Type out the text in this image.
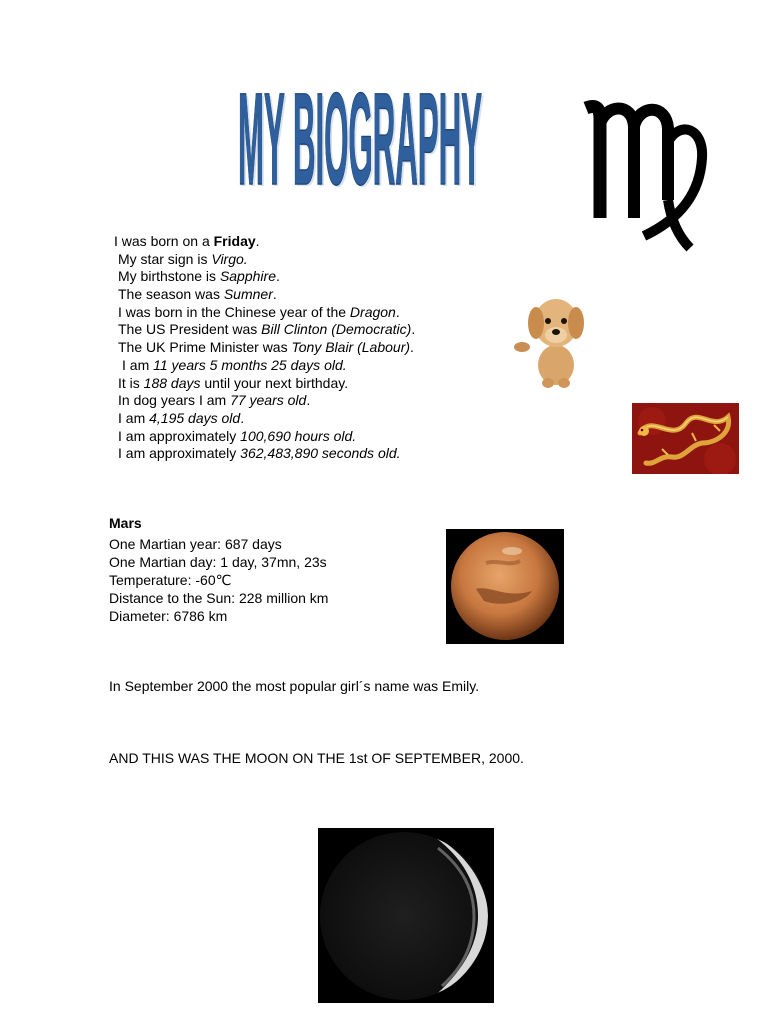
MY BIOGRAPHY
MY BIOGRAPHY
I was born on a Friday.
My star sign is Virgo.
My birthstone is Sapphire.
The season was Sumner.
I was born in the Chinese year of the Dragon.
The US President was Bill Clinton (Democratic).
The UK Prime Minister was Tony Blair (Labour).
I am 11 years 5 months 25 days old.
It is 188 days until your next birthday.
In dog years I am 77 years old.
I am 4,195 days old.
I am approximately 100,690 hours old.
I am approximately 362,483,890 seconds old.
Mars
One Martian year: 687 days
One Martian day: 1 day, 37mn, 23s
Temperature: -60℃
Distance to the Sun: 228 million km
Diameter: 6786 km
In September 2000 the most popular girl´s name was Emily.
AND THIS WAS THE MOON ON THE 1st OF SEPTEMBER, 2000.
